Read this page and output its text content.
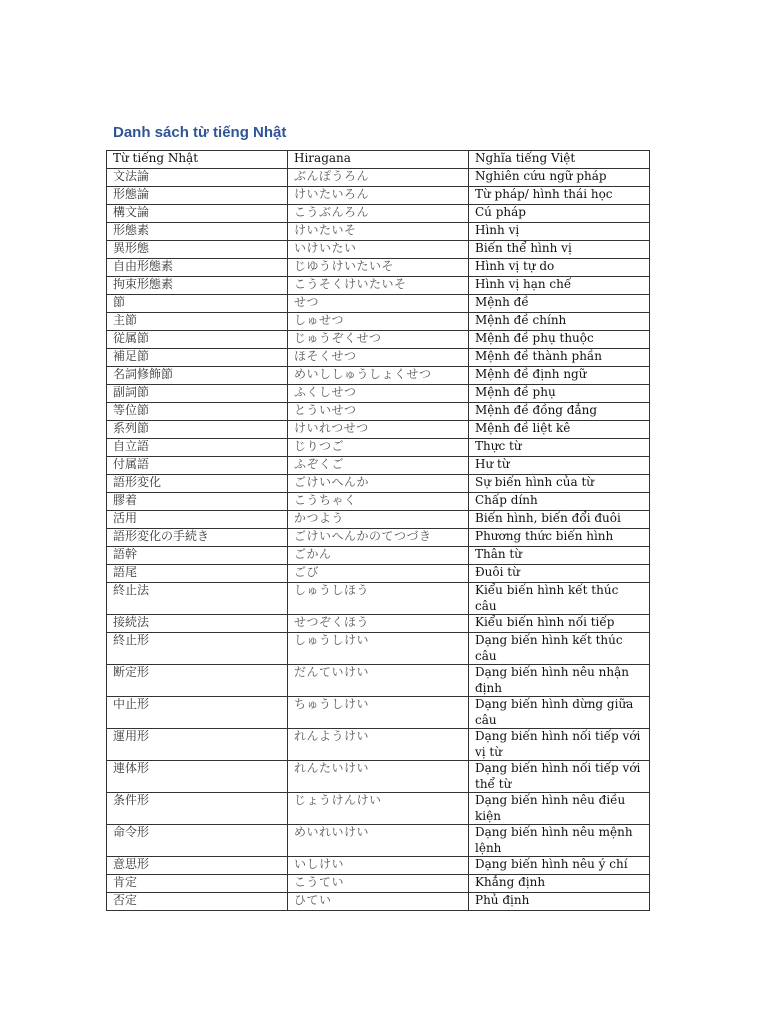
Danh sách từ tiếng Nhật
Từ tiếng Nhật	Hiragana	Nghĩa tiếng Việt
文法論	ぶんぽうろん	Nghiên cứu ngữ pháp
形態論	けいたいろん	Từ pháp/ hình thái học
構文論	こうぶんろん	Cú pháp
形態素	けいたいそ	Hình vị
異形態	いけいたい	Biến thể hình vị
自由形態素	じゆうけいたいそ	Hình vị tự do
拘束形態素	こうそくけいたいそ	Hình vị hạn chế
節	せつ	Mệnh đề
主節	しゅせつ	Mệnh đề chính
従属節	じゅうぞくせつ	Mệnh đề phụ thuộc
補足節	ほそくせつ	Mệnh đề thành phần
名詞修飾節	めいししゅうしょくせつ	Mệnh đề định ngữ
副詞節	ふくしせつ	Mệnh đề phụ
等位節	とういせつ	Mệnh đề đồng đẳng
系列節	けいれつせつ	Mệnh đề liệt kê
自立語	じりつご	Thực từ
付属語	ふぞくご	Hư từ
語形変化	ごけいへんか	Sự biến hình của từ
膠着	こうちゃく	Chấp dính
活用	かつよう	Biến hình, biến đổi đuôi
語形変化の手続き	ごけいへんかのてつづき	Phương thức biến hình
語幹	ごかん	Thân từ
語尾	ごび	Đuôi từ
終止法	しゅうしほう	Kiểu biến hình kết thúc câu
接続法	せつぞくほう	Kiểu biến hình nối tiếp
終止形	しゅうしけい	Dạng biến hình kết thúc câu
断定形	だんていけい	Dạng biến hình nêu nhận định
中止形	ちゅうしけい	Dạng biến hình dừng giữa câu
運用形	れんようけい	Dạng biến hình nối tiếp với vị từ
連体形	れんたいけい	Dạng biến hình nối tiếp với thể từ
条件形	じょうけんけい	Dạng biến hình nêu điều kiện
命令形	めいれいけい	Dạng biến hình nêu mệnh lệnh
意思形	いしけい	Dạng biến hình nêu ý chí
肯定	こうてい	Khẳng định
否定	ひてい	Phủ định
